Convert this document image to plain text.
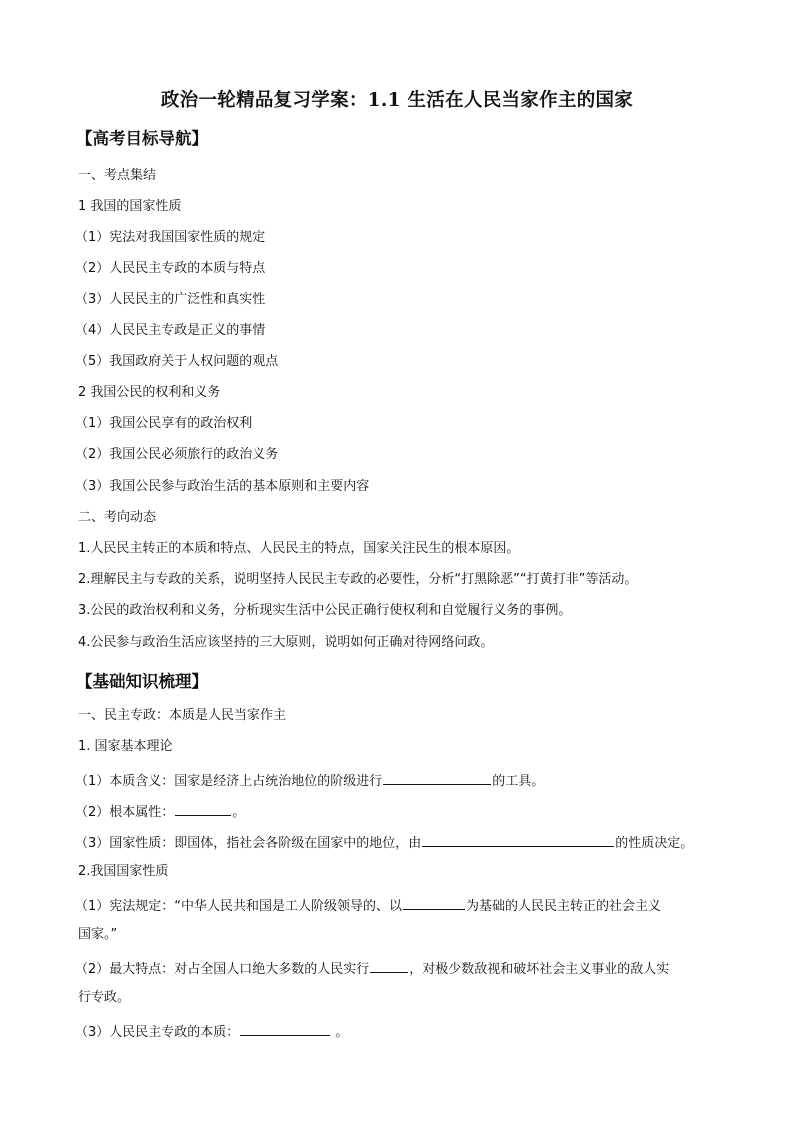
政治一轮精品复习学案：1.1 生活在人民当家作主的国家
【高考目标导航】
一、考点集结
1 我国的国家性质
（1）宪法对我国国家性质的规定
（2）人民民主专政的本质与特点
（3）人民民主的广泛性和真实性
（4）人民民主专政是正义的事情
（5）我国政府关于人权问题的观点
2 我国公民的权利和义务
（1）我国公民享有的政治权利
（2）我国公民必须旅行的政治义务
（3）我国公民参与政治生活的基本原则和主要内容
二、考向动态
1.人民民主转正的本质和特点、人民民主的特点，国家关注民生的根本原因。
2.理解民主与专政的关系，说明坚持人民民主专政的必要性，分析“打黑除恶”“打黄打非”等活动。
3.公民的政治权利和义务，分析现实生活中公民正确行使权利和自觉履行义务的事例。
4.公民参与政治生活应该坚持的三大原则，说明如何正确对待网络问政。
【基础知识梳理】
一、民主专政：本质是人民当家作主
1. 国家基本理论
（1）本质含义：国家是经济上占统治地位的阶级进行	的工具。
（2）根本属性：	。
（3）国家性质：即国体，指社会各阶级在国家中的地位，由	的性质决定。
2.我国国家性质
（1）宪法规定：“中华人民共和国是工人阶级领导的、以	为基础的人民民主转正的社会主义
国家。”
（2）最大特点：对占全国人口绝大多数的人民实行	，对极少数敌视和破坏社会主义事业的敌人实
行专政。
（3）人民民主专政的本质：	。
